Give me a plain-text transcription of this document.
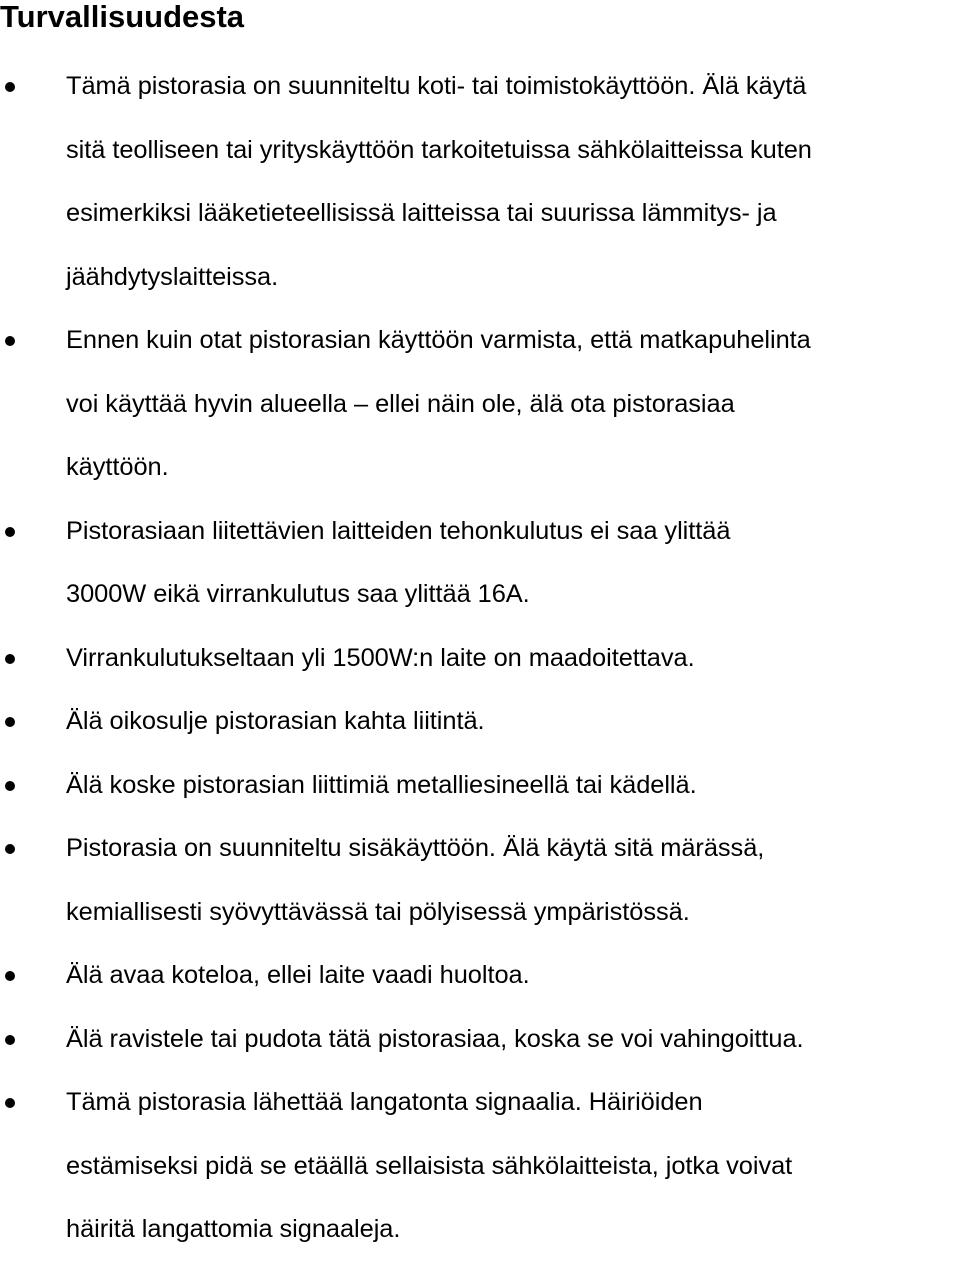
Turvallisuudesta
Tämä pistorasia on suunniteltu koti- tai toimistokäyttöön. Älä käytä
sitä teolliseen tai yrityskäyttöön tarkoitetuissa sähkölaitteissa kuten
esimerkiksi lääketieteellisissä laitteissa tai suurissa lämmitys- ja
jäähdytyslaitteissa.
Ennen kuin otat pistorasian käyttöön varmista, että matkapuhelinta
voi käyttää hyvin alueella – ellei näin ole, älä ota pistorasiaa
käyttöön.
Pistorasiaan liitettävien laitteiden tehonkulutus ei saa ylittää
3000W eikä virrankulutus saa ylittää 16A.
Virrankulutukseltaan yli 1500W:n laite on maadoitettava.
Älä oikosulje pistorasian kahta liitintä.
Älä koske pistorasian liittimiä metalliesineellä tai kädellä.
Pistorasia on suunniteltu sisäkäyttöön. Älä käytä sitä märässä,
kemiallisesti syövyttävässä tai pölyisessä ympäristössä.
Älä avaa koteloa, ellei laite vaadi huoltoa.
Älä ravistele tai pudota tätä pistorasiaa, koska se voi vahingoittua.
Tämä pistorasia lähettää langatonta signaalia. Häiriöiden
estämiseksi pidä se etäällä sellaisista sähkölaitteista, jotka voivat
häiritä langattomia signaaleja.
